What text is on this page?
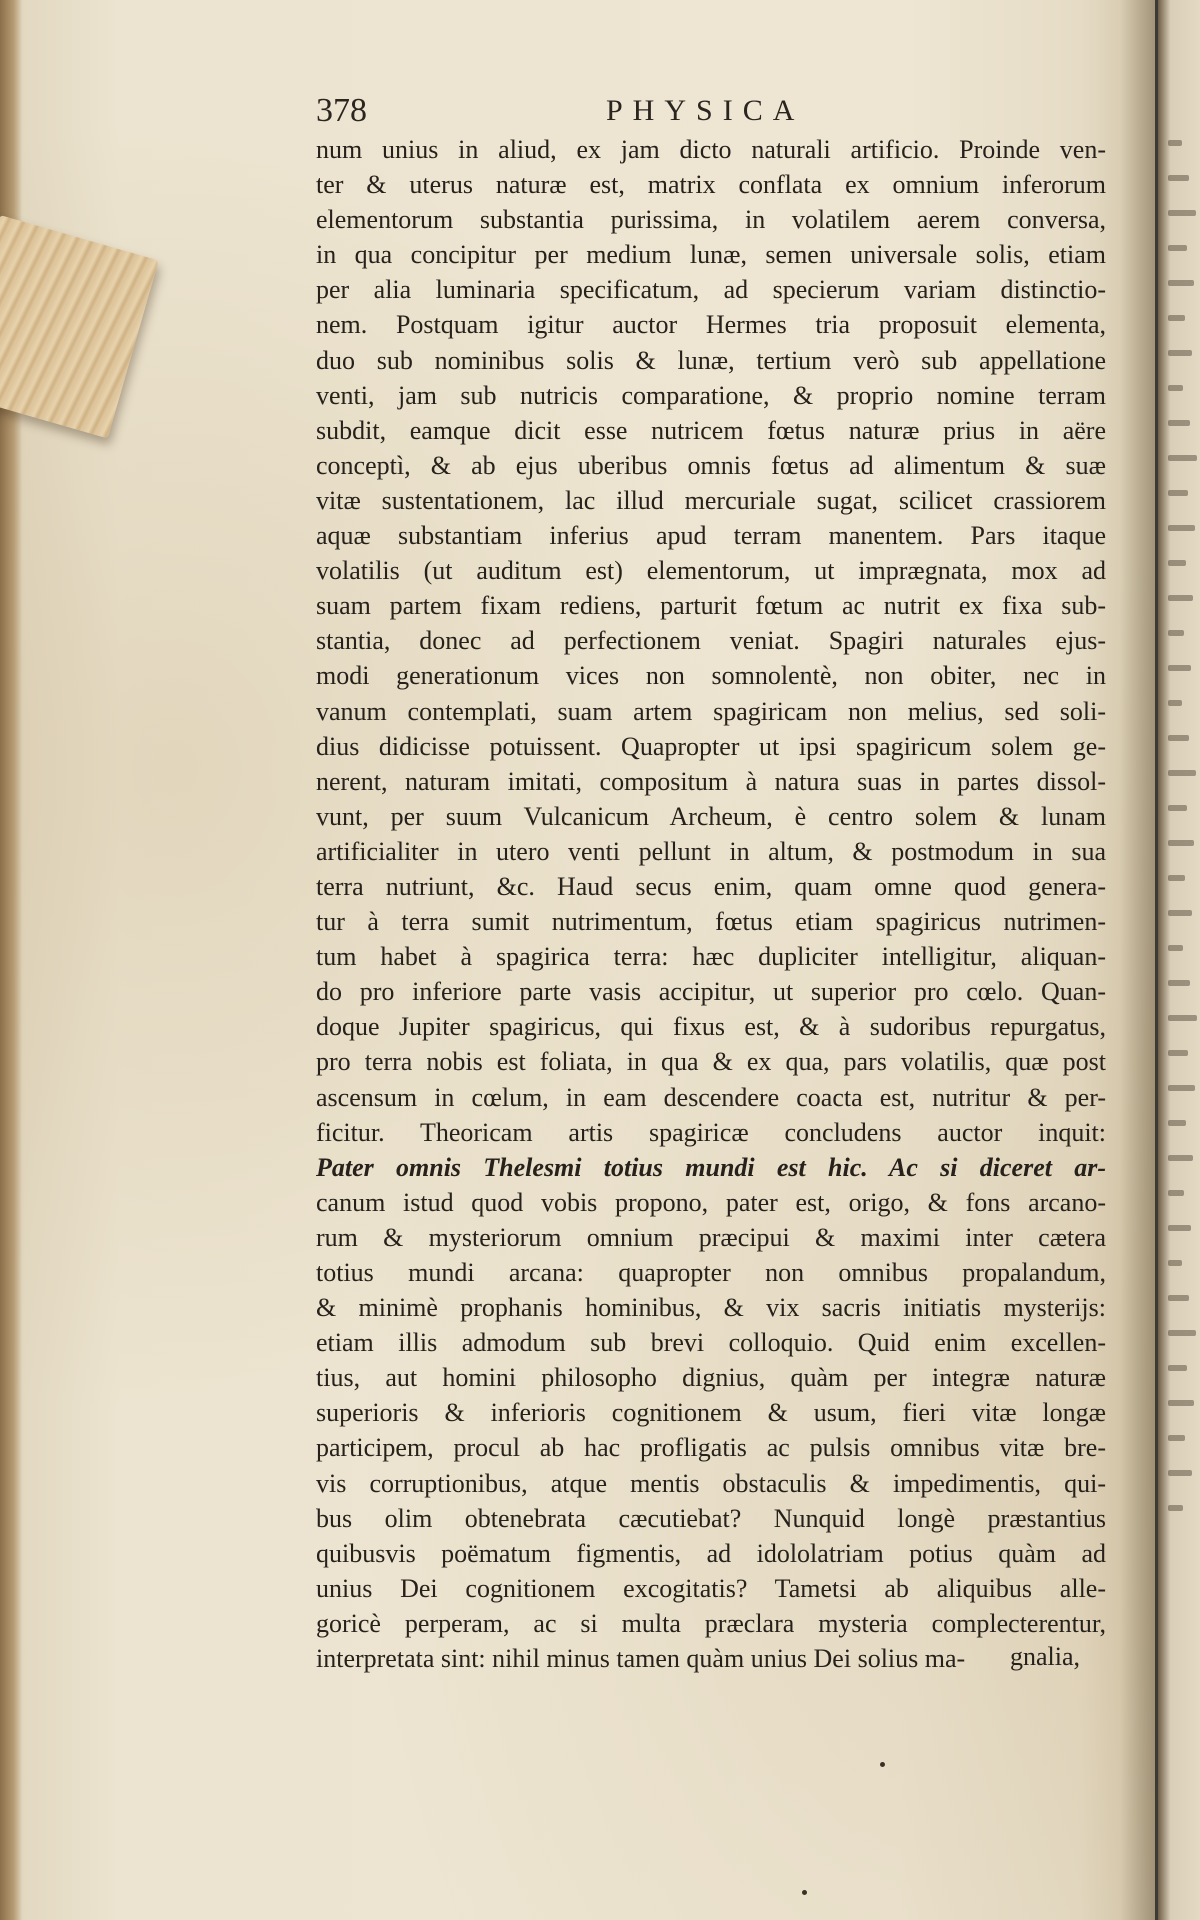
378	PHYSICA
num unius in aliud, ex jam dicto naturali artificio. Proinde ven-
ter & uterus naturæ est, matrix conflata ex omnium inferorum
elementorum substantia purissima, in volatilem aerem conversa,
in qua concipitur per medium lunæ, semen universale solis, etiam
per alia luminaria specificatum, ad specierum variam distinctio-
nem. Postquam igitur auctor Hermes tria proposuit elementa,
duo sub nominibus solis & lunæ, tertium verò sub appellatione
venti, jam sub nutricis comparatione, & proprio nomine terram
subdit, eamque dicit esse nutricem fœtus naturæ prius in aëre
conceptì, & ab ejus uberibus omnis fœtus ad alimentum & suæ
vitæ sustentationem, lac illud mercuriale sugat, scilicet crassiorem
aquæ substantiam inferius apud terram manentem. Pars itaque
volatilis (ut auditum est) elementorum, ut imprægnata, mox ad
suam partem fixam rediens, parturit fœtum ac nutrit ex fixa sub-
stantia, donec ad perfectionem veniat. Spagiri naturales ejus-
modi generationum vices non somnolentè, non obiter, nec in
vanum contemplati, suam artem spagiricam non melius, sed soli-
dius didicisse potuissent. Quapropter ut ipsi spagiricum solem ge-
nerent, naturam imitati, compositum à natura suas in partes dissol-
vunt, per suum Vulcanicum Archeum, è centro solem & lunam
artificialiter in utero venti pellunt in altum, & postmodum in sua
terra nutriunt, &c. Haud secus enim, quam omne quod genera-
tur à terra sumit nutrimentum, fœtus etiam spagiricus nutrimen-
tum habet à spagirica terra: hæc dupliciter intelligitur, aliquan-
do pro inferiore parte vasis accipitur, ut superior pro cœlo. Quan-
doque Jupiter spagiricus, qui fixus est, & à sudoribus repurgatus,
pro terra nobis est foliata, in qua & ex qua, pars volatilis, quæ post
ascensum in cœlum, in eam descendere coacta est, nutritur & per-
ficitur. Theoricam artis spagiricæ concludens auctor inquit:
Pater omnis Thelesmi totius mundi est hic. Ac si diceret ar-
canum istud quod vobis propono, pater est, origo, & fons arcano-
rum & mysteriorum omnium præcipui & maximi inter cætera
totius mundi arcana: quapropter non omnibus propalandum,
& minimè prophanis hominibus, & vix sacris initiatis mysterijs:
etiam illis admodum sub brevi colloquio. Quid enim excellen-
tius, aut homini philosopho dignius, quàm per integræ naturæ
superioris & inferioris cognitionem & usum, fieri vitæ longæ
participem, procul ab hac profligatis ac pulsis omnibus vitæ bre-
vis corruptionibus, atque mentis obstaculis & impedimentis, qui-
bus olim obtenebrata cæcutiebat? Nunquid longè præstantius
quibusvis poëmatum figmentis, ad idololatriam potius quàm ad
unius Dei cognitionem excogitatis? Tametsi ab aliquibus alle-
goricè perperam, ac si multa præclara mysteria complecterentur,
interpretata sint: nihil minus tamen quàm unius Dei solius ma-	gnalia,
